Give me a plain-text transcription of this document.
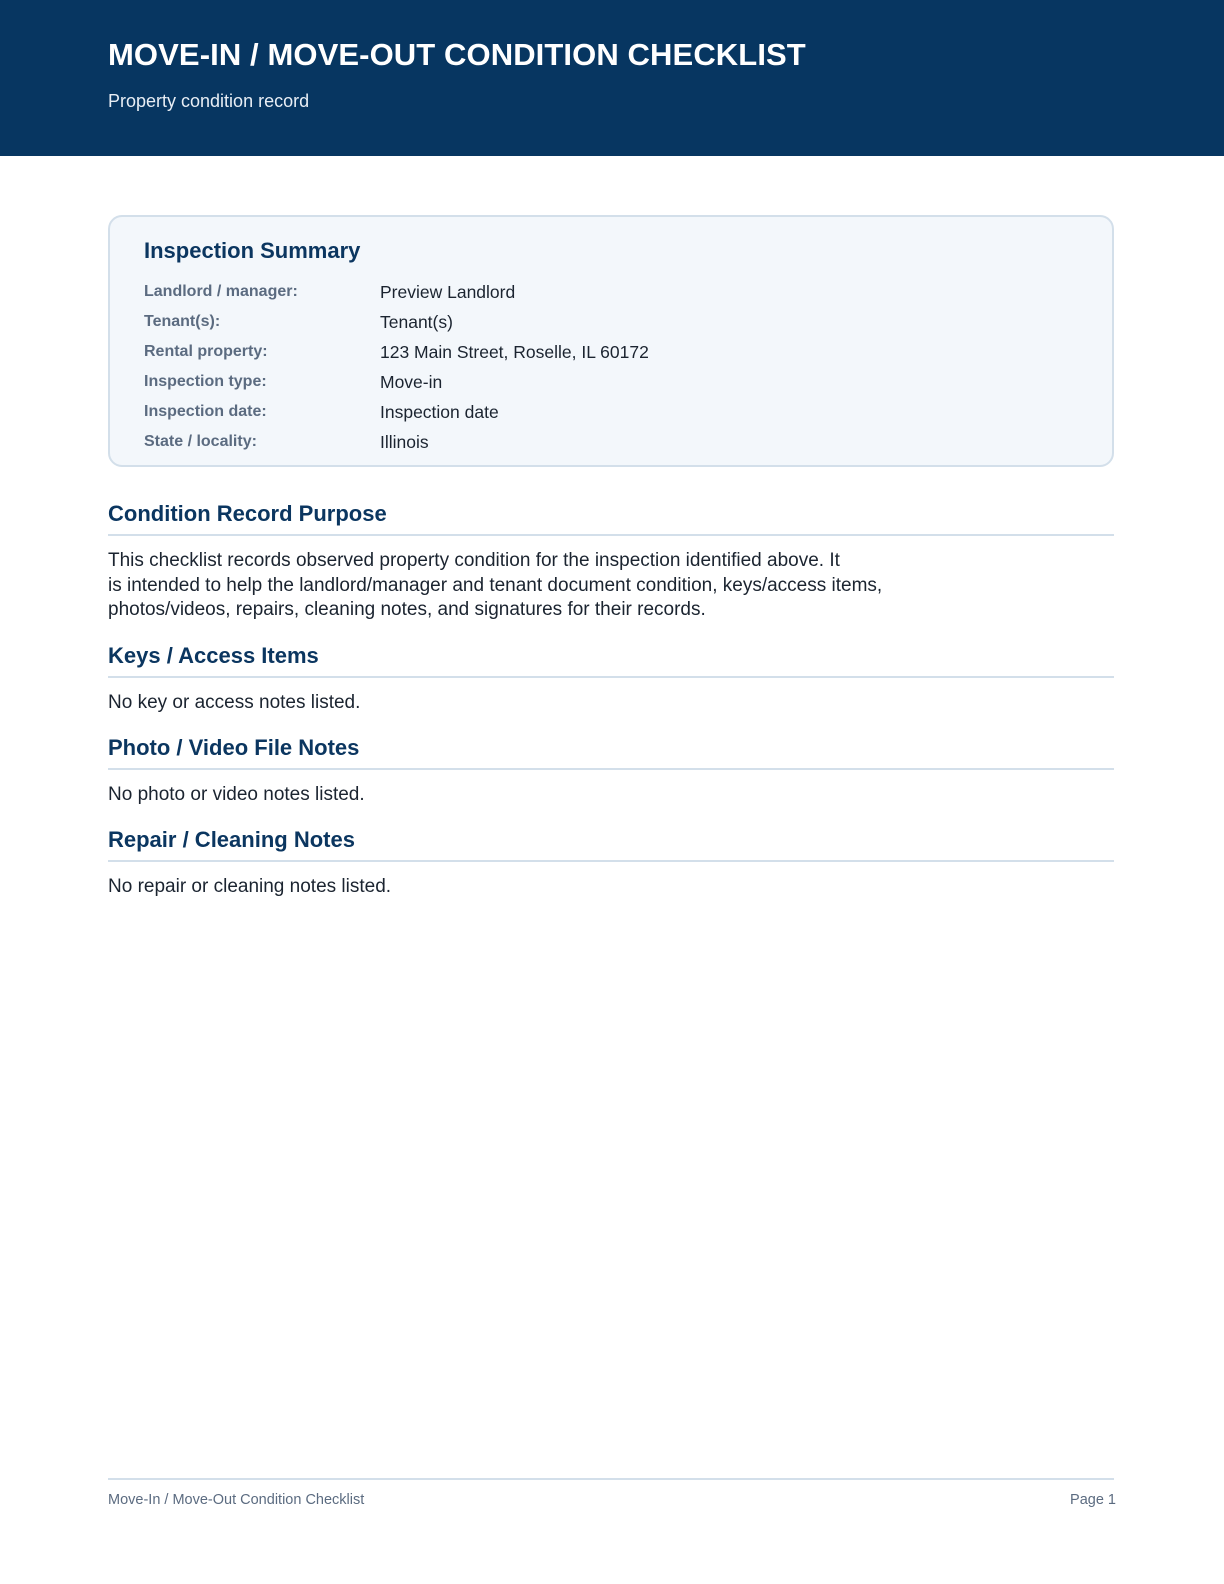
MOVE-IN / MOVE-OUT CONDITION CHECKLIST

Property condition record

Inspection Summary
Landlord / manager:	Preview Landlord
Tenant(s):	Tenant(s)
Rental property:	123 Main Street, Roselle, IL 60172
Inspection type:	Move-in
Inspection date:	Inspection date
State / locality:	Illinois
Condition Record Purpose

This checklist records observed property condition for the inspection identified above. It
is intended to help the landlord/manager and tenant document condition, keys/access items,
photos/videos, repairs, cleaning notes, and signatures for their records.

Keys / Access Items

No key or access notes listed.

Photo / Video File Notes

No photo or video notes listed.

Repair / Cleaning Notes

No repair or cleaning notes listed.

Move-In / Move-Out Condition Checklist	Page 1
